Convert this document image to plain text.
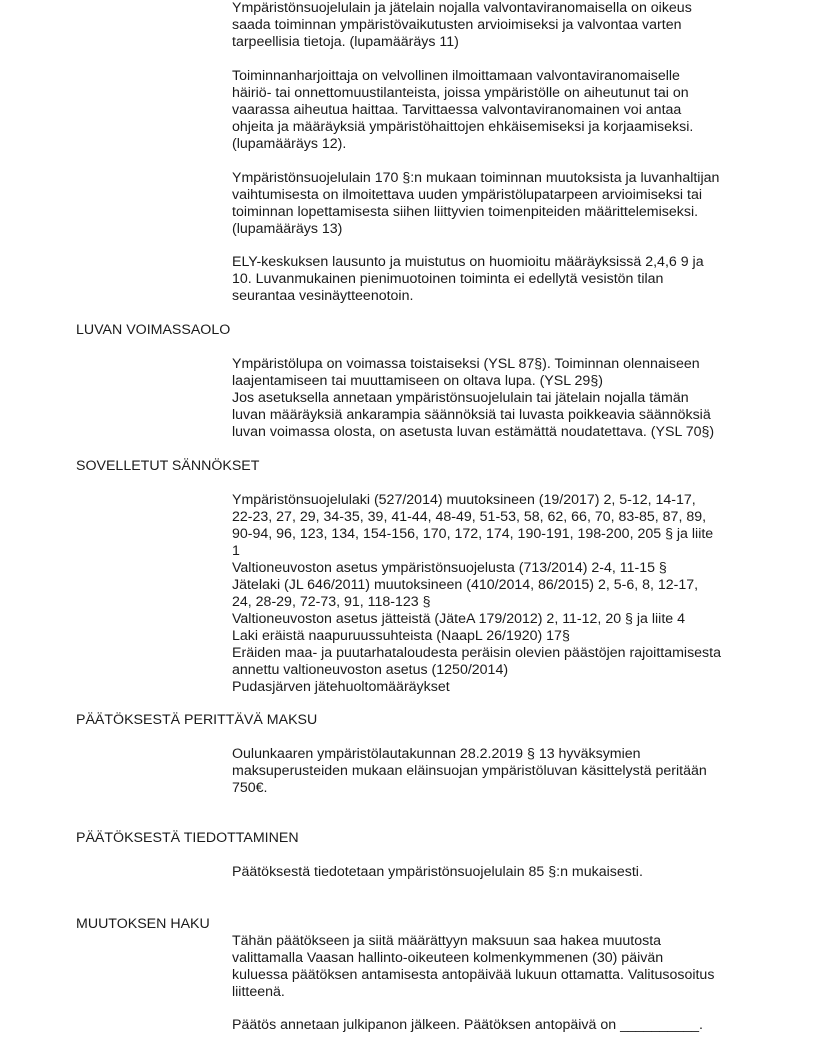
Ympäristönsuojelulain ja jätelain nojalla valvontaviranomaisella on oikeus
saada toiminnan ympäristövaikutusten arvioimiseksi ja valvontaa varten
tarpeellisia tietoja. (lupamääräys 11)

Toiminnanharjoittaja on velvollinen ilmoittamaan valvontaviranomaiselle
häiriö- tai onnettomuustilanteista, joissa ympäristölle on aiheutunut tai on
vaarassa aiheutua haittaa. Tarvittaessa valvontaviranomainen voi antaa
ohjeita ja määräyksiä ympäristöhaittojen ehkäisemiseksi ja korjaamiseksi.
(lupamääräys 12).

Ympäristönsuojelulain 170 §:n mukaan toiminnan muutoksista ja luvanhaltijan
vaihtumisesta on ilmoitettava uuden ympäristölupatarpeen arvioimiseksi tai
toiminnan lopettamisesta siihen liittyvien toimenpiteiden määrittelemiseksi.
(lupamääräys 13)

ELY-keskuksen lausunto ja muistutus on huomioitu määräyksissä 2,4,6 9 ja
10. Luvanmukainen pienimuotoinen toiminta ei edellytä vesistön tilan
seurantaa vesinäytteenotoin.

LUVAN VOIMASSAOLO

Ympäristölupa on voimassa toistaiseksi (YSL 87§). Toiminnan olennaiseen
laajentamiseen tai muuttamiseen on oltava lupa. (YSL 29§)
Jos asetuksella annetaan ympäristönsuojelulain tai jätelain nojalla tämän
luvan määräyksiä ankarampia säännöksiä tai luvasta poikkeavia säännöksiä
luvan voimassa olosta, on asetusta luvan estämättä noudatettava. (YSL 70§)

SOVELLETUT SÄNNÖKSET

Ympäristönsuojelulaki (527/2014) muutoksineen (19/2017) 2, 5-12, 14-17,
22-23, 27, 29, 34-35, 39, 41-44, 48-49, 51-53, 58, 62, 66, 70, 83-85, 87, 89,
90-94, 96, 123, 134, 154-156, 170, 172, 174, 190-191, 198-200, 205 § ja liite
1
Valtioneuvoston asetus ympäristönsuojelusta (713/2014) 2-4, 11-15 §
Jätelaki (JL 646/2011) muutoksineen (410/2014, 86/2015) 2, 5-6, 8, 12-17,
24, 28-29, 72-73, 91, 118-123 §
Valtioneuvoston asetus jätteistä (JäteA 179/2012) 2, 11-12, 20 § ja liite 4
Laki eräistä naapuruussuhteista (NaapL 26/1920) 17§
Eräiden maa- ja puutarhataloudesta peräisin olevien päästöjen rajoittamisesta
annettu valtioneuvoston asetus (1250/2014)
Pudasjärven jätehuoltomääräykset

PÄÄTÖKSESTÄ PERITTÄVÄ MAKSU

Oulunkaaren ympäristölautakunnan 28.2.2019 § 13 hyväksymien
maksuperusteiden mukaan eläinsuojan ympäristöluvan käsittelystä peritään
750€.

PÄÄTÖKSESTÄ TIEDOTTAMINEN

Päätöksestä tiedotetaan ympäristönsuojelulain 85 §:n mukaisesti.

MUUTOKSEN HAKU

Tähän päätökseen ja siitä määrättyyn maksuun saa hakea muutosta
valittamalla Vaasan hallinto-oikeuteen kolmenkymmenen (30) päivän
kuluessa päätöksen antamisesta antopäivää lukuun ottamatta. Valitusosoitus
liitteenä.

Päätös annetaan julkipanon jälkeen. Päätöksen antopäivä on __________.
